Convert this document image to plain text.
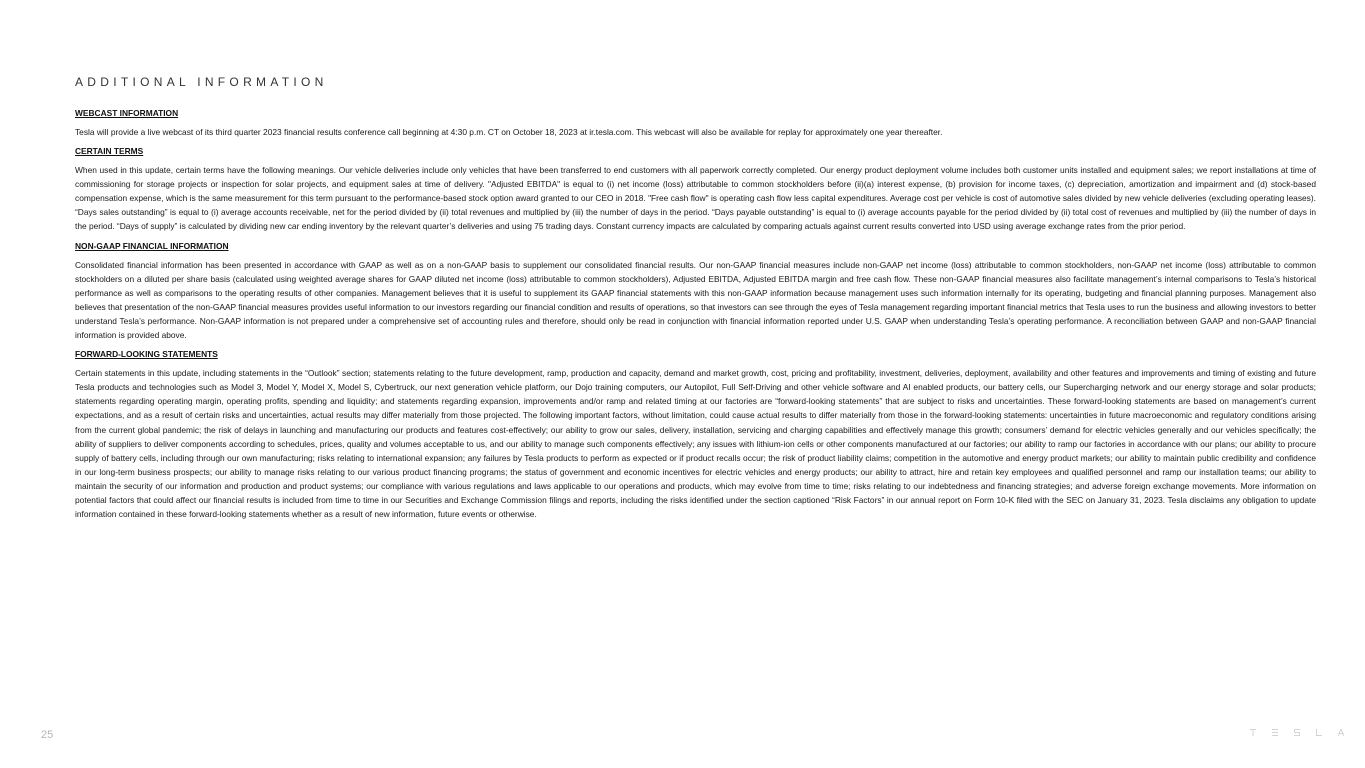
ADDITIONAL INFORMATION
WEBCAST INFORMATION

Tesla will provide a live webcast of its third quarter 2023 financial results conference call beginning at 4:30 p.m. CT on October 18, 2023 at ir.tesla.com. This webcast will also be available for replay for approximately one year thereafter.

CERTAIN TERMS

When used in this update, certain terms have the following meanings. Our vehicle deliveries include only vehicles that have been transferred to end customers with all paperwork correctly completed. Our energy product deployment volume includes both customer units installed and equipment sales; we report installations at time of commissioning for storage projects or inspection for solar projects, and equipment sales at time of delivery. "Adjusted EBITDA" is equal to (i) net income (loss) attributable to common stockholders before (ii)(a) interest expense, (b) provision for income taxes, (c) depreciation, amortization and impairment and (d) stock-based compensation expense, which is the same measurement for this term pursuant to the performance-based stock option award granted to our CEO in 2018. "Free cash flow" is operating cash flow less capital expenditures. Average cost per vehicle is cost of automotive sales divided by new vehicle deliveries (excluding operating leases). “Days sales outstanding” is equal to (i) average accounts receivable, net for the period divided by (ii) total revenues and multiplied by (iii) the number of days in the period. “Days payable outstanding” is equal to (i) average accounts payable for the period divided by (ii) total cost of revenues and multiplied by (iii) the number of days in the period. “Days of supply” is calculated by dividing new car ending inventory by the relevant quarter’s deliveries and using 75 trading days. Constant currency impacts are calculated by comparing actuals against current results converted into USD using average exchange rates from the prior period.

NON-GAAP FINANCIAL INFORMATION

Consolidated financial information has been presented in accordance with GAAP as well as on a non-GAAP basis to supplement our consolidated financial results. Our non-GAAP financial measures include non-GAAP net income (loss) attributable to common stockholders, non-GAAP net income (loss) attributable to common stockholders on a diluted per share basis (calculated using weighted average shares for GAAP diluted net income (loss) attributable to common stockholders), Adjusted EBITDA, Adjusted EBITDA margin and free cash flow. These non-GAAP financial measures also facilitate management’s internal comparisons to Tesla’s historical performance as well as comparisons to the operating results of other companies. Management believes that it is useful to supplement its GAAP financial statements with this non-GAAP information because management uses such information internally for its operating, budgeting and financial planning purposes. Management also believes that presentation of the non-GAAP financial measures provides useful information to our investors regarding our financial condition and results of operations, so that investors can see through the eyes of Tesla management regarding important financial metrics that Tesla uses to run the business and allowing investors to better understand Tesla’s performance. Non-GAAP information is not prepared under a comprehensive set of accounting rules and therefore, should only be read in conjunction with financial information reported under U.S. GAAP when understanding Tesla’s operating performance. A reconciliation between GAAP and non-GAAP financial information is provided above.

FORWARD-LOOKING STATEMENTS

Certain statements in this update, including statements in the “Outlook” section; statements relating to the future development, ramp, production and capacity, demand and market growth, cost, pricing and profitability, investment, deliveries, deployment, availability and other features and improvements and timing of existing and future Tesla products and technologies such as Model 3, Model Y, Model X, Model S, Cybertruck, our next generation vehicle platform, our Dojo training computers, our Autopilot, Full Self-Driving and other vehicle software and AI enabled products, our battery cells, our Supercharging network and our energy storage and solar products; statements regarding operating margin, operating profits, spending and liquidity; and statements regarding expansion, improvements and/or ramp and related timing at our factories are “forward-looking statements” that are subject to risks and uncertainties. These forward-looking statements are based on management’s current expectations, and as a result of certain risks and uncertainties, actual results may differ materially from those projected. The following important factors, without limitation, could cause actual results to differ materially from those in the forward-looking statements: uncertainties in future macroeconomic and regulatory conditions arising from the current global pandemic; the risk of delays in launching and manufacturing our products and features cost-effectively; our ability to grow our sales, delivery, installation, servicing and charging capabilities and effectively manage this growth; consumers’ demand for electric vehicles generally and our vehicles specifically; the ability of suppliers to deliver components according to schedules, prices, quality and volumes acceptable to us, and our ability to manage such components effectively; any issues with lithium-ion cells or other components manufactured at our factories; our ability to ramp our factories in accordance with our plans; our ability to procure supply of battery cells, including through our own manufacturing; risks relating to international expansion; any failures by Tesla products to perform as expected or if product recalls occur; the risk of product liability claims; competition in the automotive and energy product markets; our ability to maintain public credibility and confidence in our long-term business prospects; our ability to manage risks relating to our various product financing programs; the status of government and economic incentives for electric vehicles and energy products; our ability to attract, hire and retain key employees and qualified personnel and ramp our installation teams; our ability to maintain the security of our information and production and product systems; our compliance with various regulations and laws applicable to our operations and products, which may evolve from time to time; risks relating to our indebtedness and financing strategies; and adverse foreign exchange movements. More information on potential factors that could affect our financial results is included from time to time in our Securities and Exchange Commission filings and reports, including the risks identified under the section captioned “Risk Factors” in our annual report on Form 10-K filed with the SEC on January 31, 2023. Tesla disclaims any obligation to update information contained in these forward-looking statements whether as a result of new information, future events or otherwise.

25
